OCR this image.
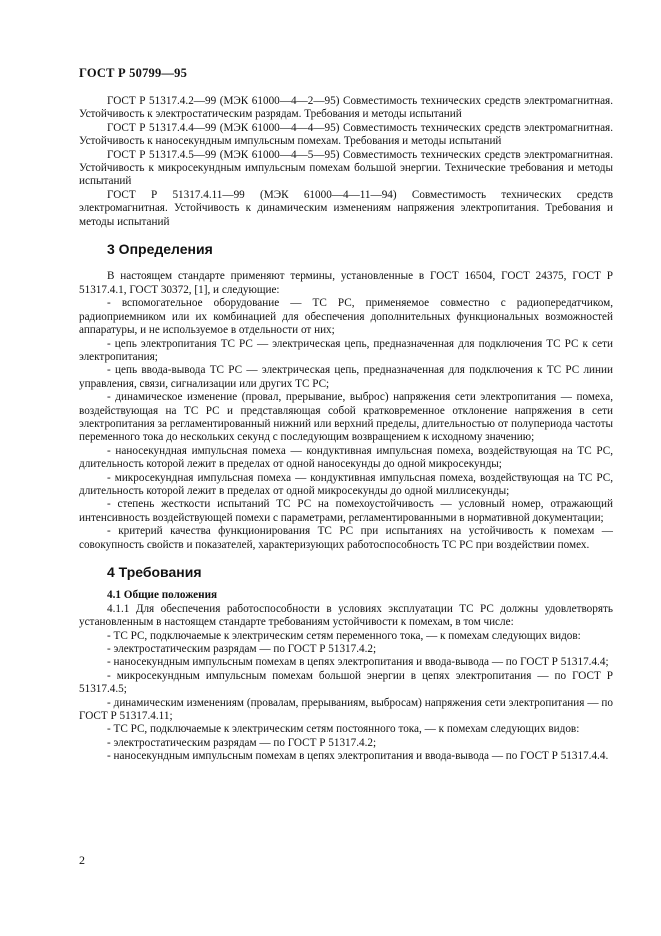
ГОСТ Р 50799—95

ГОСТ Р 51317.4.2—99 (МЭК 61000—4—2—95) Совместимость технических средств электромагнитная. Устойчивость к электростатическим разрядам. Требования и методы испытаний

ГОСТ Р 51317.4.4—99 (МЭК 61000—4—4—95) Совместимость технических средств электромагнитная. Устойчивость к наносекундным импульсным помехам. Требования и методы испытаний

ГОСТ Р 51317.4.5—99 (МЭК 61000—4—5—95) Совместимость технических средств электромагнитная. Устойчивость к микросекундным импульсным помехам большой энергии. Технические требования и методы испытаний

ГОСТ Р 51317.4.11—99 (МЭК 61000—4—11—94) Совместимость технических средств электромагнитная. Устойчивость к динамическим изменениям напряжения электропитания. Требования и методы испытаний

3 Определения

В настоящем стандарте применяют термины, установленные в ГОСТ 16504, ГОСТ 24375, ГОСТ Р 51317.4.1, ГОСТ 30372, [1], и следующие:

- вспомогательное оборудование — ТС РС, применяемое совместно с радиопередатчиком, радиоприемником или их комбинацией для обеспечения дополнительных функциональных возможностей аппаратуры, и не используемое в отдельности от них;

- цепь электропитания ТС РС — электрическая цепь, предназначенная для подключения ТС РС к сети электропитания;

- цепь ввода-вывода ТС РС — электрическая цепь, предназначенная для подключения к ТС РС линии управления, связи, сигнализации или других ТС РС;

- динамическое изменение (провал, прерывание, выброс) напряжения сети электропитания — помеха, воздействующая на ТС РС и представляющая собой кратковременное отклонение напряжения в сети электропитания за регламентированный нижний или верхний пределы, длительностью от полупериода частоты переменного тока до нескольких секунд с последующим возвращением к исходному значению;

- наносекундная импульсная помеха — кондуктивная импульсная помеха, воздействующая на ТС РС, длительность которой лежит в пределах от одной наносекунды до одной микросекунды;

- микросекундная импульсная помеха — кондуктивная импульсная помеха, воздействующая на ТС РС, длительность которой лежит в пределах от одной микросекунды до одной миллисекунды;

- степень жесткости испытаний ТС РС на помехоустойчивость — условный номер, отражающий интенсивность воздействующей помехи с параметрами, регламентированными в нормативной документации;

- критерий качества функционирования ТС РС при испытаниях на устойчивость к помехам — совокупность свойств и показателей, характеризующих работоспособность ТС РС при воздействии помех.

4 Требования
4.1 Общие положения

4.1.1 Для обеспечения работоспособности в условиях эксплуатации ТС РС должны удовлетворять установленным в настоящем стандарте требованиям устойчивости к помехам, в том числе:

- ТС РС, подключаемые к электрическим сетям переменного тока, — к помехам следующих видов:

- электростатическим разрядам — по ГОСТ Р 51317.4.2;

- наносекундным импульсным помехам в цепях электропитания и ввода-вывода — по ГОСТ Р 51317.4.4;

- микросекундным импульсным помехам большой энергии в цепях электропитания — по ГОСТ Р 51317.4.5;

- динамическим изменениям (провалам, прерываниям, выбросам) напряжения сети электропитания — по ГОСТ Р 51317.4.11;

- ТС РС, подключаемые к электрическим сетям постоянного тока, — к помехам следующих видов:

- электростатическим разрядам — по ГОСТ Р 51317.4.2;

- наносекундным импульсным помехам в цепях электропитания и ввода-вывода — по ГОСТ Р 51317.4.4.

2
